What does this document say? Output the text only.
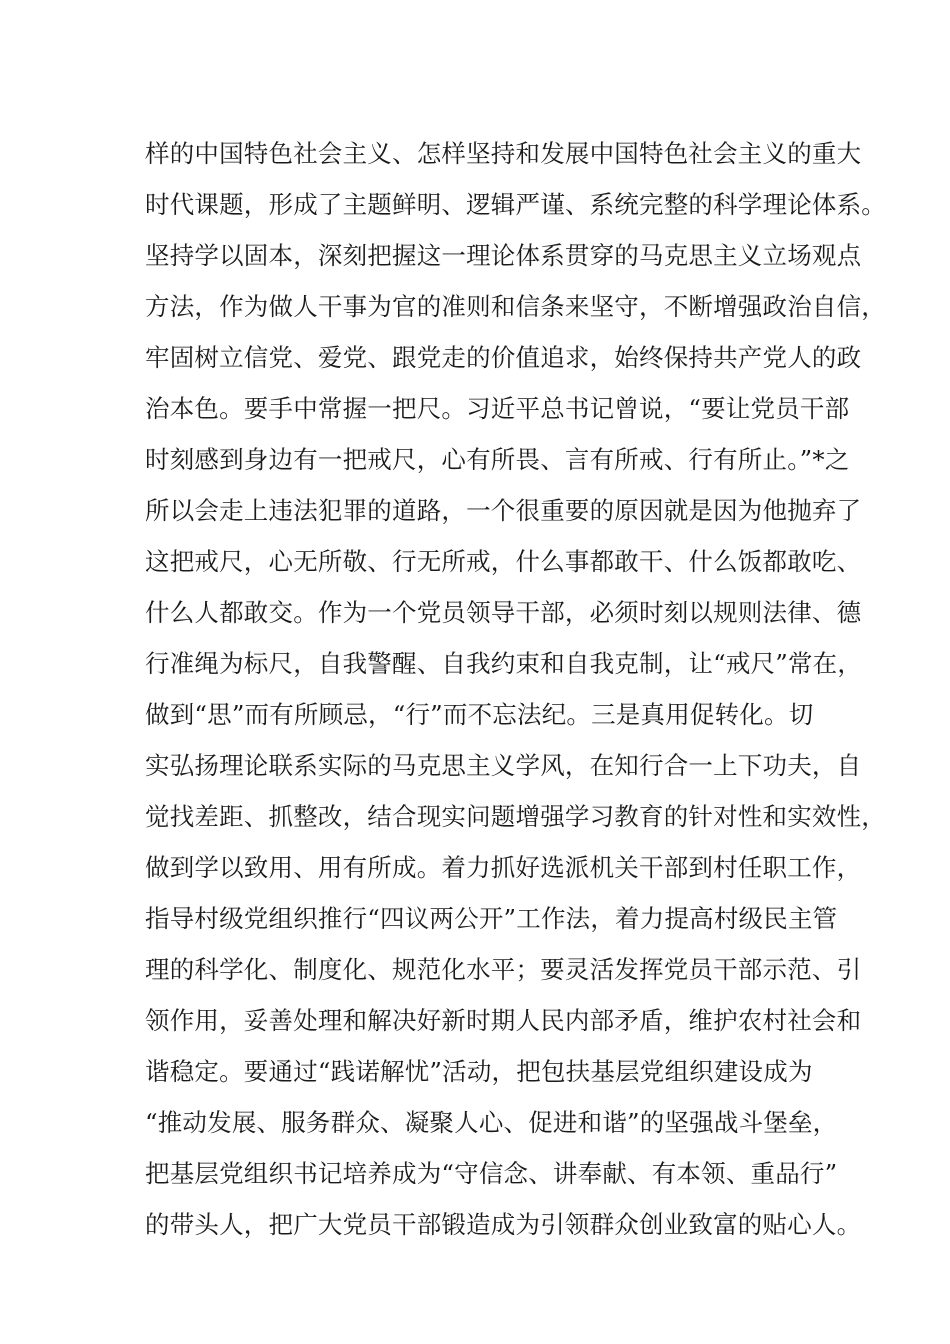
样的中国特色社会主义、怎样坚持和发展中国特色社会主义的重大
时代课题，形成了主题鲜明、逻辑严谨、系统完整的科学理论体系。
坚持学以固本，深刻把握这一理论体系贯穿的马克思主义立场观点
方法，作为做人干事为官的准则和信条来坚守，不断增强政治自信，
牢固树立信党、爱党、跟党走的价值追求，始终保持共产党人的政
治本色。要手中常握一把尺。习近平总书记曾说，“要让党员干部
时刻感到身边有一把戒尺，心有所畏、言有所戒、行有所止。”*之
所以会走上违法犯罪的道路，一个很重要的原因就是因为他抛弃了
这把戒尺，心无所敬、行无所戒，什么事都敢干、什么饭都敢吃、
什么人都敢交。作为一个党员领导干部，必须时刻以规则法律、德
行准绳为标尺，自我警醒、自我约束和自我克制，让“戒尺”常在，
做到“思”而有所顾忌，“行”而不忘法纪。三是真用促转化。切
实弘扬理论联系实际的马克思主义学风，在知行合一上下功夫，自
觉找差距、抓整改，结合现实问题增强学习教育的针对性和实效性，
做到学以致用、用有所成。着力抓好选派机关干部到村任职工作，
指导村级党组织推行“四议两公开”工作法，着力提高村级民主管
理的科学化、制度化、规范化水平；要灵活发挥党员干部示范、引
领作用，妥善处理和解决好新时期人民内部矛盾，维护农村社会和
谐稳定。要通过“践诺解忧”活动，把包扶基层党组织建设成为
“推动发展、服务群众、凝聚人心、促进和谐”的坚强战斗堡垒，
把基层党组织书记培养成为“守信念、讲奉献、有本领、重品行”
的带头人，把广大党员干部锻造成为引领群众创业致富的贴心人。
